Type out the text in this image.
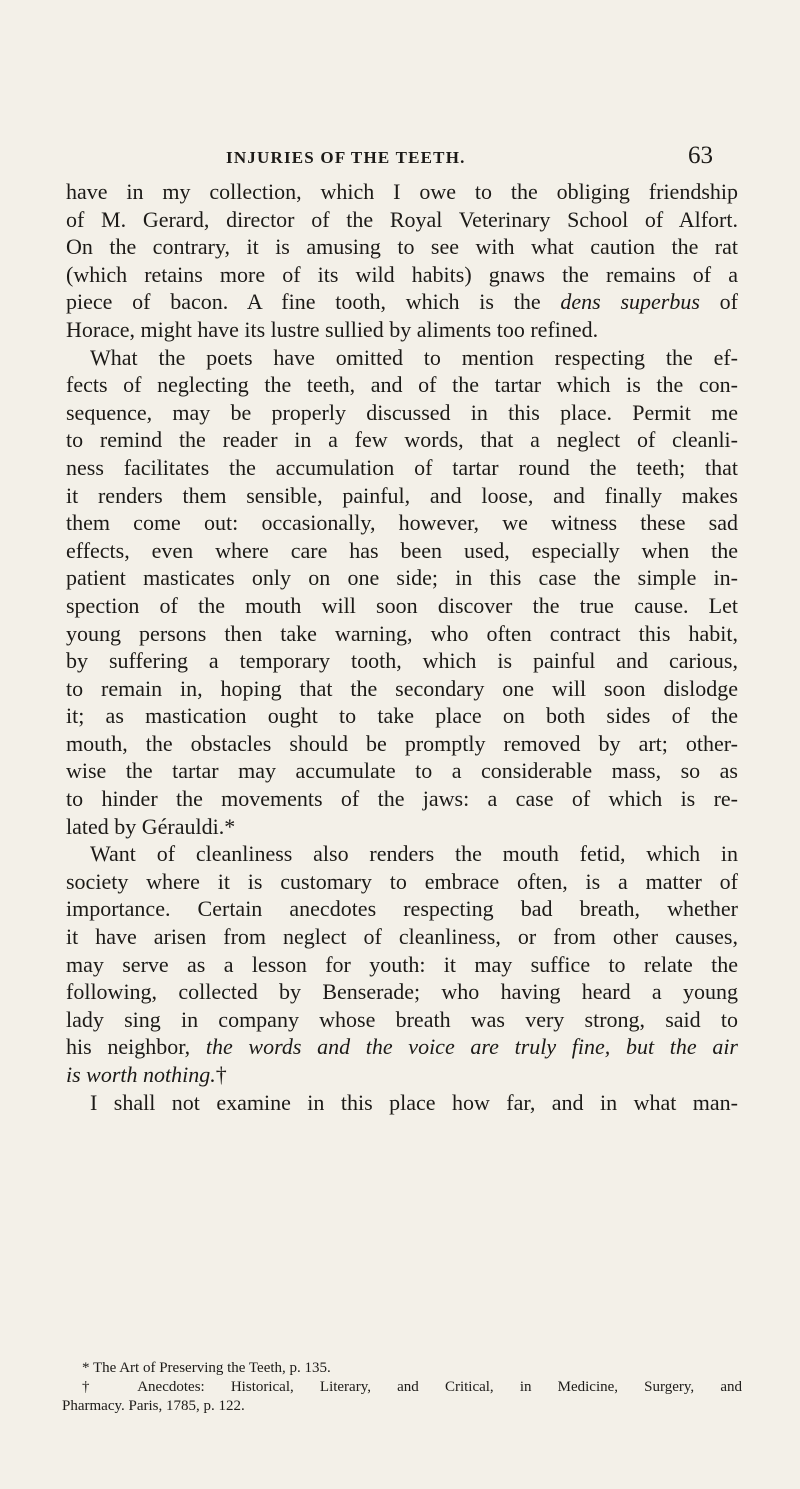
INJURIES OF THE TEETH.	63
have in my collection, which I owe to the obliging friendship
of M. Gerard, director of the Royal Veterinary School of Alfort.
On the contrary, it is amusing to see with what caution the rat
(which retains more of its wild habits) gnaws the remains of a
piece of bacon. A fine tooth, which is the dens superbus of
Horace, might have its lustre sullied by aliments too refined.
What the poets have omitted to mention respecting the ef-
fects of neglecting the teeth, and of the tartar which is the con-
sequence, may be properly discussed in this place. Permit me
to remind the reader in a few words, that a neglect of cleanli-
ness facilitates the accumulation of tartar round the teeth; that
it renders them sensible, painful, and loose, and finally makes
them come out: occasionally, however, we witness these sad
effects, even where care has been used, especially when the
patient masticates only on one side; in this case the simple in-
spection of the mouth will soon discover the true cause. Let
young persons then take warning, who often contract this habit,
by suffering a temporary tooth, which is painful and carious,
to remain in, hoping that the secondary one will soon dislodge
it; as mastication ought to take place on both sides of the
mouth, the obstacles should be promptly removed by art; other-
wise the tartar may accumulate to a considerable mass, so as
to hinder the movements of the jaws: a case of which is re-
lated by Gérauldi.*
Want of cleanliness also renders the mouth fetid, which in
society where it is customary to embrace often, is a matter of
importance. Certain anecdotes respecting bad breath, whether
it have arisen from neglect of cleanliness, or from other causes,
may serve as a lesson for youth: it may suffice to relate the
following, collected by Benserade; who having heard a young
lady sing in company whose breath was very strong, said to
his neighbor, the words and the voice are truly fine, but the air
is worth nothing.†
I shall not examine in this place how far, and in what man-
* The Art of Preserving the Teeth, p. 135.
† Anecdotes: Historical, Literary, and Critical, in Medicine, Surgery, and
Pharmacy. Paris, 1785, p. 122.
